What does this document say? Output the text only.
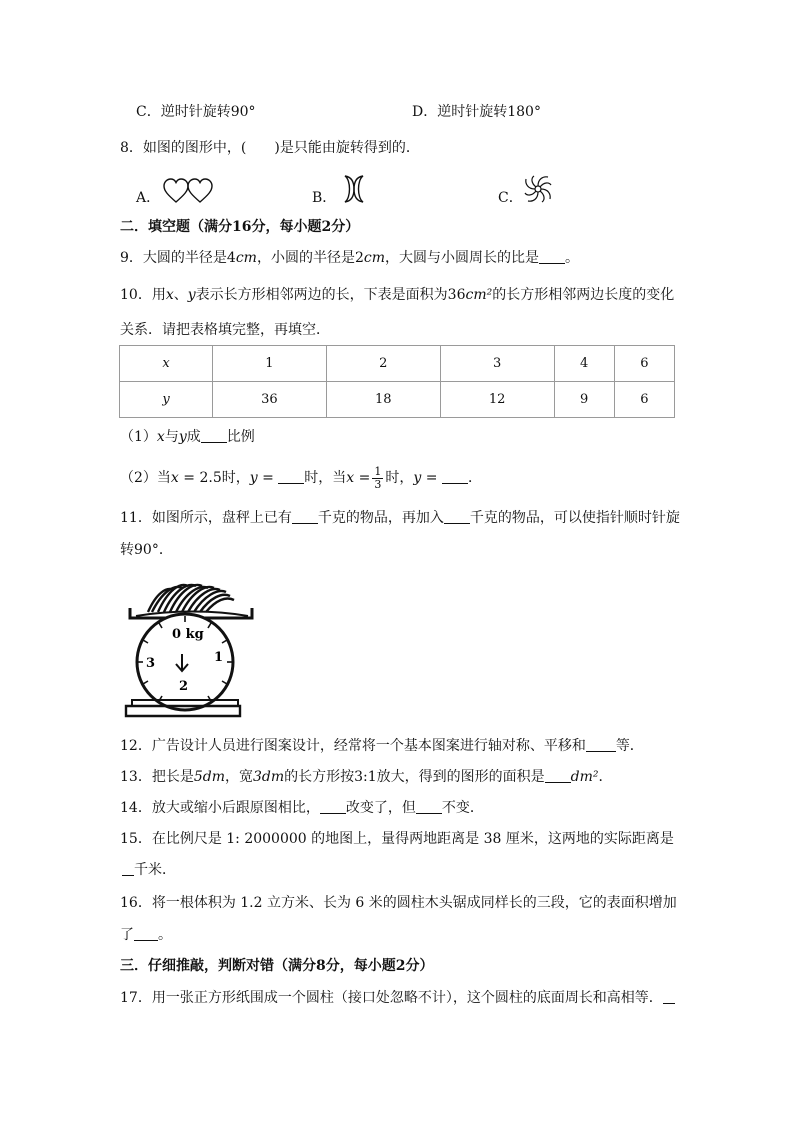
C．逆时针旋转90°	D．逆时针旋转180°
8．如图的图形中，(　　)是只能由旋转得到的．
A．	B．	C．
二．填空题（满分16分，每小题2分）
9．大圆的半径是4cm，小圆的半径是2cm，大圆与小圆周长的比是 。
10．用x、y表示长方形相邻两边的长，下表是面积为36cm²的长方形相邻两边长度的变化
关系．请把表格填完整，再填空．
x	1	2	3	4	6
y	36	18	12	9	6
（1）x与y成 比例
（2）当x = 2.5时，y = 时，当$x = \frac{1}{3}$ 时，y = ．
11．如图所示，盘秤上已有 千克的物品，再加入 千克的物品，可以使指针顺时针旋
转90°．
0 kg
3	1
2
12．广告设计人员进行图案设计，经常将一个基本图案进行轴对称、平移和 等．
13．把长是5dm，宽3dm的长方形按3:1放大，得到的图形的面积是 dm²．
14．放大或缩小后跟原图相比， 改变了，但 不变．
15．在比例尺是 1: 2000000 的地图上，量得两地距离是 38 厘米，这两地的实际距离是
千米．
16．将一根体积为 1.2 立方米、长为 6 米的圆柱木头锯成同样长的三段，它的表面积增加
了 。
三．仔细推敲，判断对错（满分8分，每小题2分）
17．用一张正方形纸围成一个圆柱（接口处忽略不计），这个圆柱的底面周长和高相等．
